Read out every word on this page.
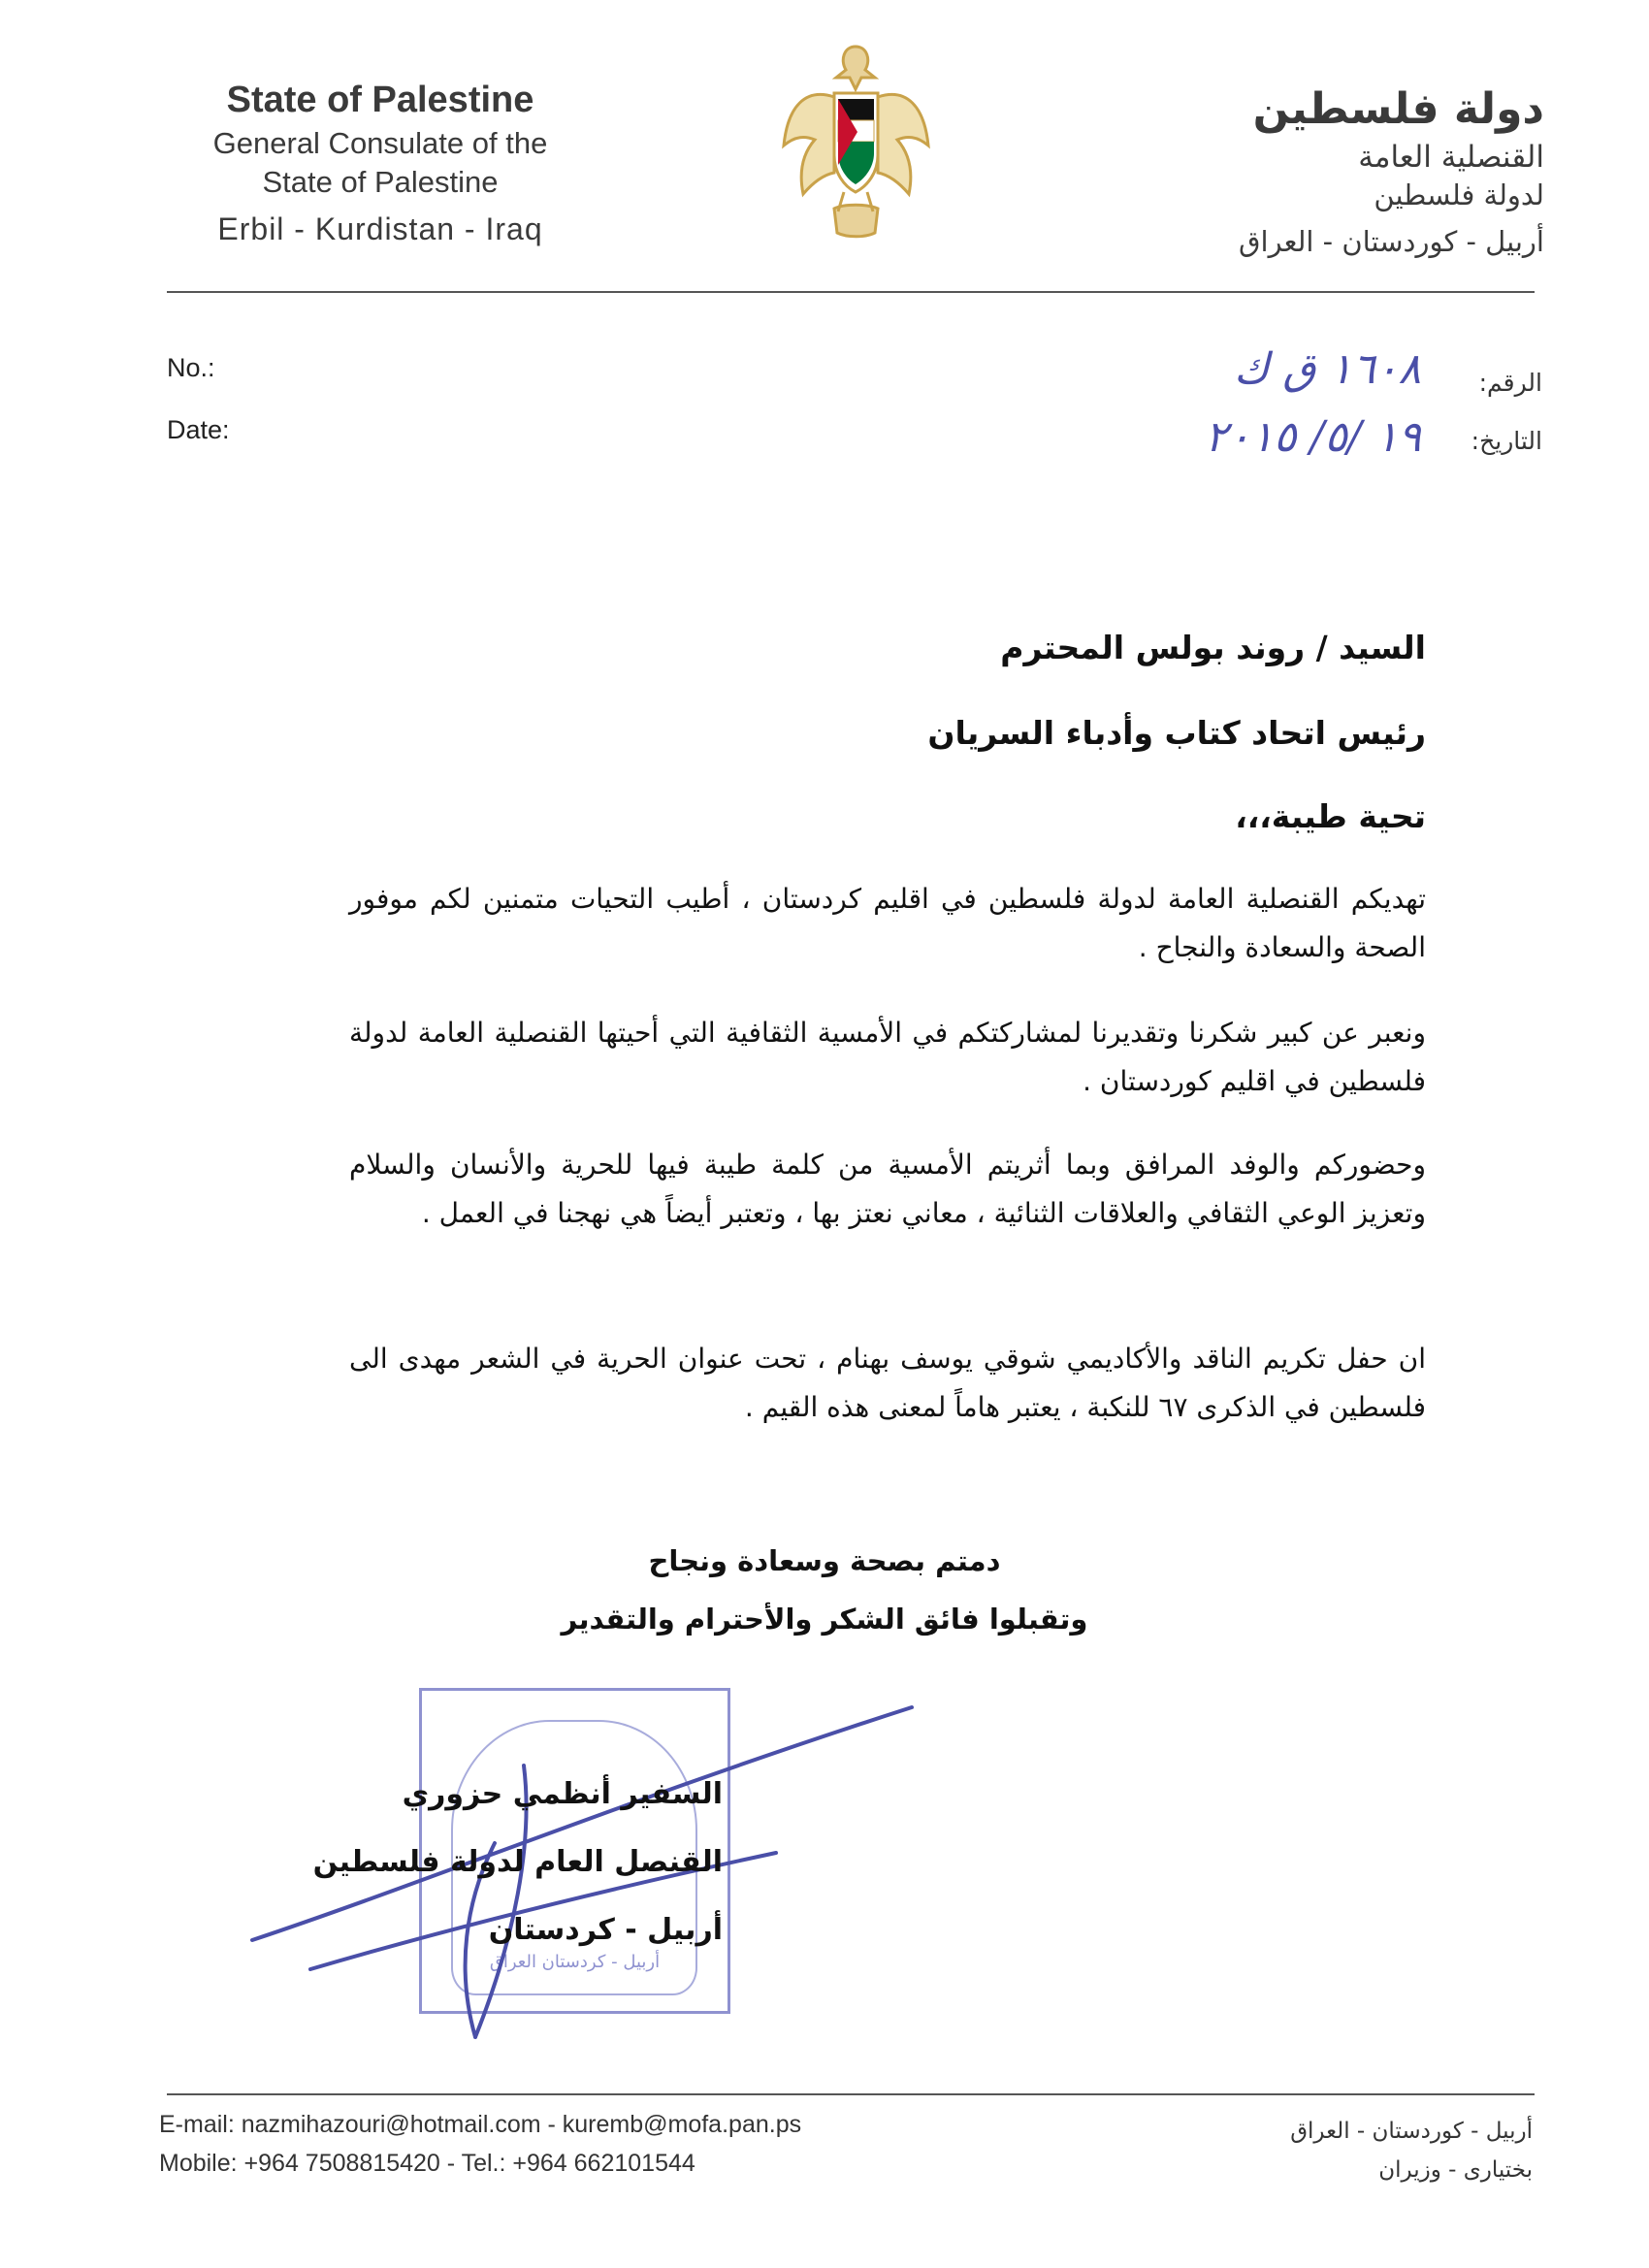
State of Palestine
General Consulate of the
State of Palestine
Erbil - Kurdistan - Iraq
دولة فلسطين
القنصلية العامة
لدولة فلسطين
أربيل - كوردستان - العراق
No.:
Date:
الرقم:
التاريخ:
١٦٠٨ ق ك
١٩ /٥/ ٢٠١٥
السيد / روند بولس المحترم
رئيس اتحاد كتاب وأدباء السريان
تحية طيبة،،،
تهديكم القنصلية العامة لدولة فلسطين في اقليم كردستان ، أطيب التحيات متمنين لكم موفور الصحة والسعادة والنجاح .
ونعبر عن كبير شكرنا وتقديرنا لمشاركتكم في الأمسية الثقافية التي أحيتها القنصلية العامة لدولة فلسطين في اقليم كوردستان .
وحضوركم والوفد المرافق وبما أثريتم الأمسية من كلمة طيبة فيها للحرية والأنسان والسلام وتعزيز الوعي الثقافي والعلاقات الثنائية ، معاني نعتز بها ، وتعتبر أيضاً هي نهجنا في العمل .
ان حفل تكريم الناقد والأكاديمي شوقي يوسف بهنام ، تحت عنوان الحرية في الشعر مهدى الى فلسطين في الذكرى ٦٧ للنكبة ، يعتبر هاماً لمعنى هذه القيم .
دمتم بصحة وسعادة ونجاح
وتقبلوا فائق الشكر والأحترام والتقدير
أربيل - كردستان العراق
السفير أنظمي حزوري
القنصل العام لدولة فلسطين
أربيل - كردستان
E-mail: nazmihazouri@hotmail.com - kuremb@mofa.pan.ps
Mobile: +964 7508815420 - Tel.: +964 662101544
أربيل - كوردستان - العراق
بختياری - وزيران
